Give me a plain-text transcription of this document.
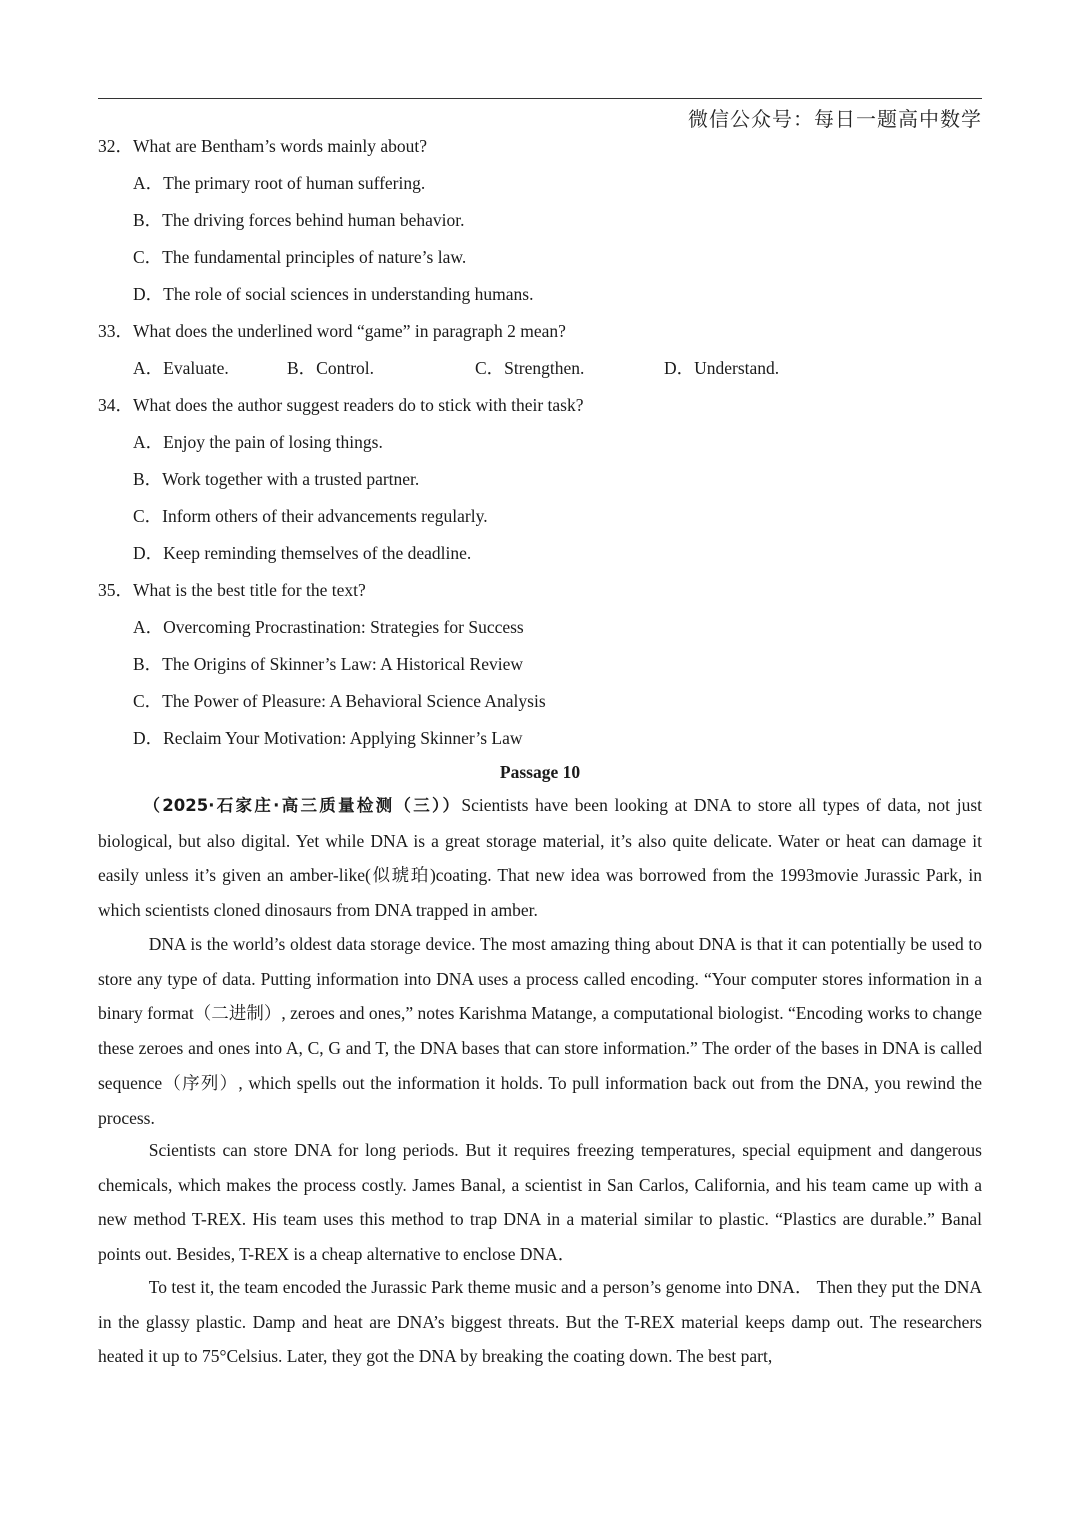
微信公众号：每日一题高中数学
32．What are Bentham’s words mainly about?
A．The primary root of human suffering.
B．The driving forces behind human behavior.
C．The fundamental principles of nature’s law.
D．The role of social sciences in understanding humans.
33．What does the underlined word “game” in paragraph 2 mean?
A．Evaluate.	B．Control.	C．Strengthen.	D．Understand.
34．What does the author suggest readers do to stick with their task?
A．Enjoy the pain of losing things.
B．Work together with a trusted partner.
C．Inform others of their advancements regularly.
D．Keep reminding themselves of the deadline.
35．What is the best title for the text?
A．Overcoming Procrastination: Strategies for Success
B．The Origins of Skinner’s Law: A Historical Review
C．The Power of Pleasure: A Behavioral Science Analysis
D．Reclaim Your Motivation: Applying Skinner’s Law
Passage 10
（2025·石家庄·高三质量检测（三））Scientists have been looking at DNA to store all types of data, not just biological, but also digital. Yet while DNA is a great storage material, it’s also quite delicate. Water or heat can damage it easily unless it’s given an amber-like(似琥珀)coating. That new idea was borrowed from the 1993movie Jurassic Park, in which scientists cloned dinosaurs from DNA trapped in amber.
DNA is the world’s oldest data storage device. The most amazing thing about DNA is that it can potentially be used to store any type of data. Putting information into DNA uses a process called encoding. “Your computer stores information in a binary format（二进制）, zeroes and ones,” notes Karishma Matange, a computational biologist. “Encoding works to change these zeroes and ones into A, C, G and T, the DNA bases that can store information.” The order of the bases in DNA is called sequence（序列）, which spells out the information it holds. To pull information back out from the DNA, you rewind the process.
Scientists can store DNA for long periods. But it requires freezing temperatures, special equipment and dangerous chemicals, which makes the process costly. James Banal, a scientist in San Carlos, California, and his team came up with a new method T-REX. His team uses this method to trap DNA in a material similar to plastic. “Plastics are durable.” Banal points out. Besides, T-REX is a cheap alternative to enclose DNA．
To test it, the team encoded the Jurassic Park theme music and a person’s genome into DNA． Then they put the DNA in the glassy plastic. Damp and heat are DNA’s biggest threats. But the T-REX material keeps damp out. The researchers heated it up to 75°Celsius. Later, they got the DNA by breaking the coating down. The best part,
